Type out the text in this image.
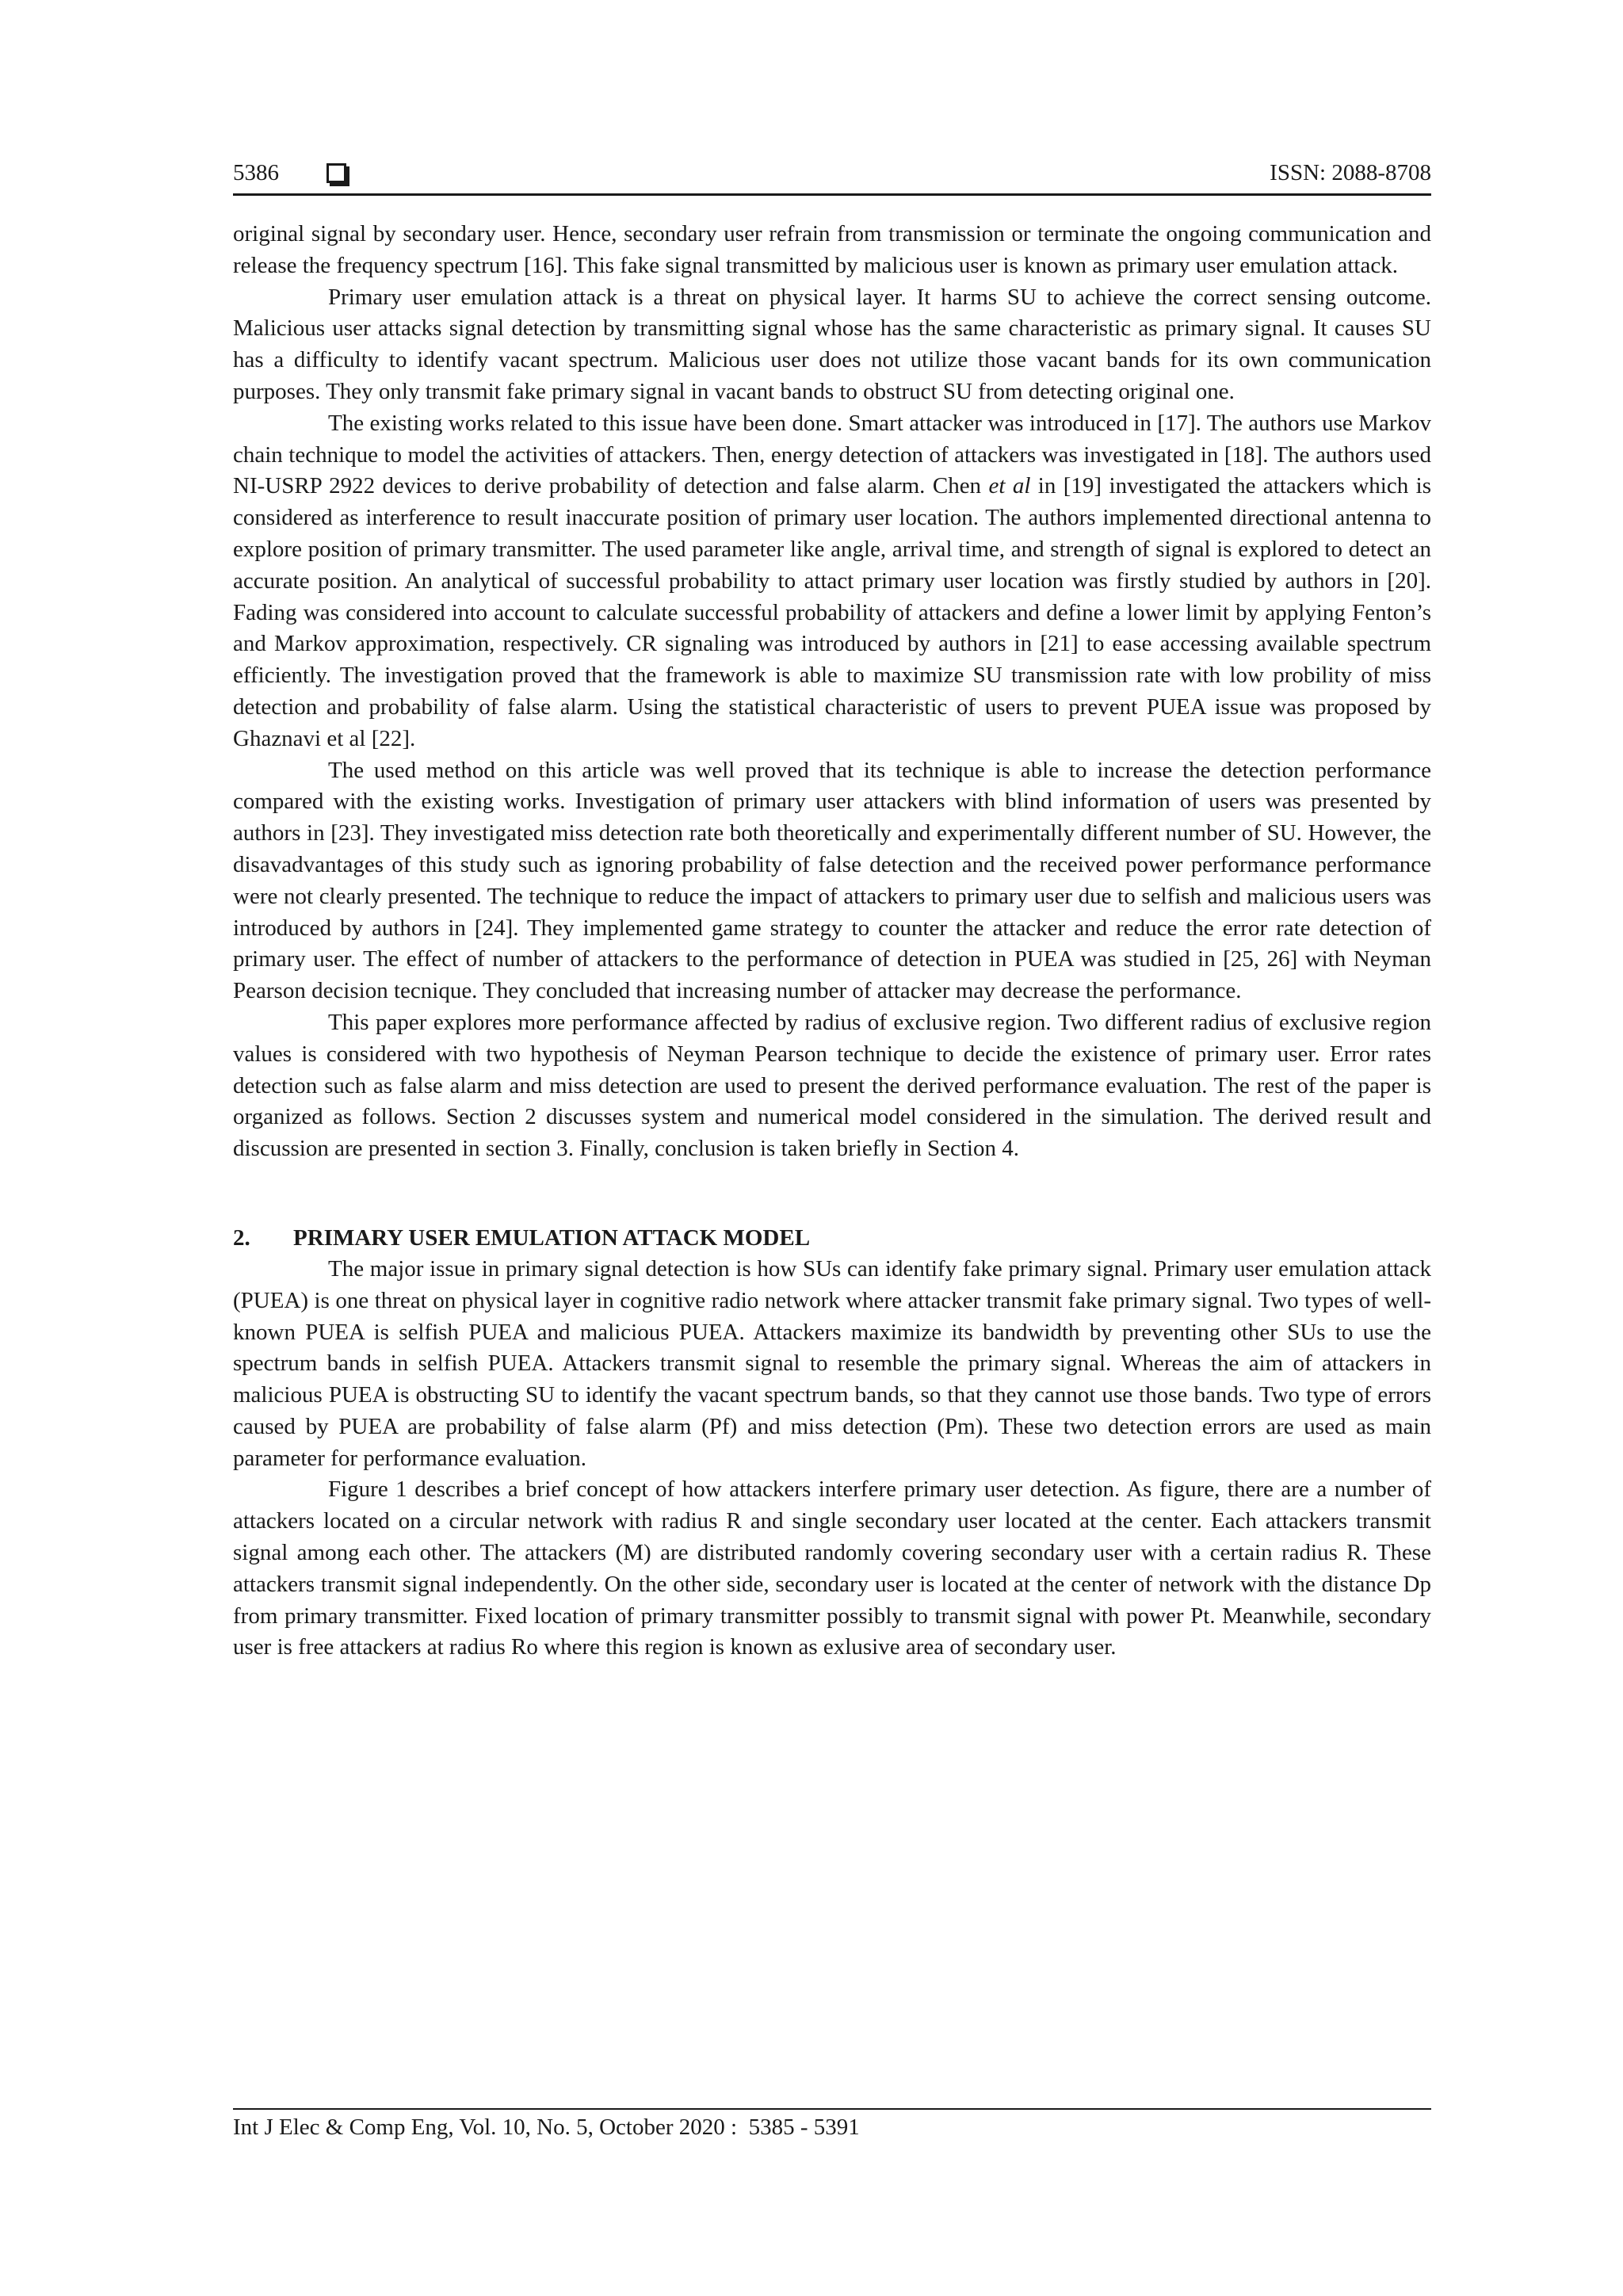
5386	ISSN: 2088-8708

original signal by secondary user. Hence, secondary user refrain from transmission or terminate the ongoing communication and release the frequency spectrum [16]. This fake signal transmitted by malicious user is known as primary user emulation attack.

Primary user emulation attack is a threat on physical layer. It harms SU to achieve the correct sensing outcome. Malicious user attacks signal detection by transmitting signal whose has the same characteristic as primary signal. It causes SU has a difficulty to identify vacant spectrum. Malicious user does not utilize those vacant bands for its own communication purposes. They only transmit fake primary signal in vacant bands to obstruct SU from detecting original one.

The existing works related to this issue have been done. Smart attacker was introduced in [17]. The authors use Markov chain technique to model the activities of attackers. Then, energy detection of attackers was investigated in [18]. The authors used NI-USRP 2922 devices to derive probability of detection and false alarm. Chen et al in [19] investigated the attackers which is considered as interference to result inaccurate position of primary user location. The authors implemented directional antenna to explore position of primary transmitter. The used parameter like angle, arrival time, and strength of signal is explored to detect an accurate position. An analytical of successful probability to attact primary user location was firstly studied by authors in [20]. Fading was considered into account to calculate successful probability of attackers and define a lower limit by applying Fenton’s and Markov approximation, respectively. CR signaling was introduced by authors in [21] to ease accessing available spectrum efficiently. The investigation proved that the framework is able to maximize SU transmission rate with low probility of miss detection and probability of false alarm. Using the statistical characteristic of users to prevent PUEA issue was proposed by Ghaznavi et al [22].

The used method on this article was well proved that its technique is able to increase the detection performance compared with the existing works. Investigation of primary user attackers with blind information of users was presented by authors in [23]. They investigated miss detection rate both theoretically and experimentally different number of SU. However, the disavadvantages of this study such as ignoring probability of false detection and the received power performance performance were not clearly presented. The technique to reduce the impact of attackers to primary user due to selfish and malicious users was introduced by authors in [24]. They implemented game strategy to counter the attacker and reduce the error rate detection of primary user. The effect of number of attackers to the performance of detection in PUEA was studied in [25, 26] with Neyman Pearson decision tecnique. They concluded that increasing number of attacker may decrease the performance.

This paper explores more performance affected by radius of exclusive region. Two different radius of exclusive region values is considered with two hypothesis of Neyman Pearson technique to decide the existence of primary user. Error rates detection such as false alarm and miss detection are used to present the derived performance evaluation. The rest of the paper is organized as follows. Section 2 discusses system and numerical model considered in the simulation. The derived result and discussion are presented in section 3. Finally, conclusion is taken briefly in Section 4.

2. PRIMARY USER EMULATION ATTACK MODEL

The major issue in primary signal detection is how SUs can identify fake primary signal. Primary user emulation attack (PUEA) is one threat on physical layer in cognitive radio network where attacker transmit fake primary signal. Two types of well-known PUEA is selfish PUEA and malicious PUEA. Attackers maximize its bandwidth by preventing other SUs to use the spectrum bands in selfish PUEA. Attackers transmit signal to resemble the primary signal. Whereas the aim of attackers in malicious PUEA is obstructing SU to identify the vacant spectrum bands, so that they cannot use those bands. Two type of errors caused by PUEA are probability of false alarm (Pf) and miss detection (Pm). These two detection errors are used as main parameter for performance evaluation.

Figure 1 describes a brief concept of how attackers interfere primary user detection. As figure, there are a number of attackers located on a circular network with radius R and single secondary user located at the center. Each attackers transmit signal among each other. The attackers (M) are distributed randomly covering secondary user with a certain radius R. These attackers transmit signal independently. On the other side, secondary user is located at the center of network with the distance Dp from primary transmitter. Fixed location of primary transmitter possibly to transmit signal with power Pt. Meanwhile, secondary user is free attackers at radius Ro where this region is known as exlusive area of secondary user.

Int J Elec & Comp Eng, Vol. 10, No. 5, October 2020 :  5385 - 5391
